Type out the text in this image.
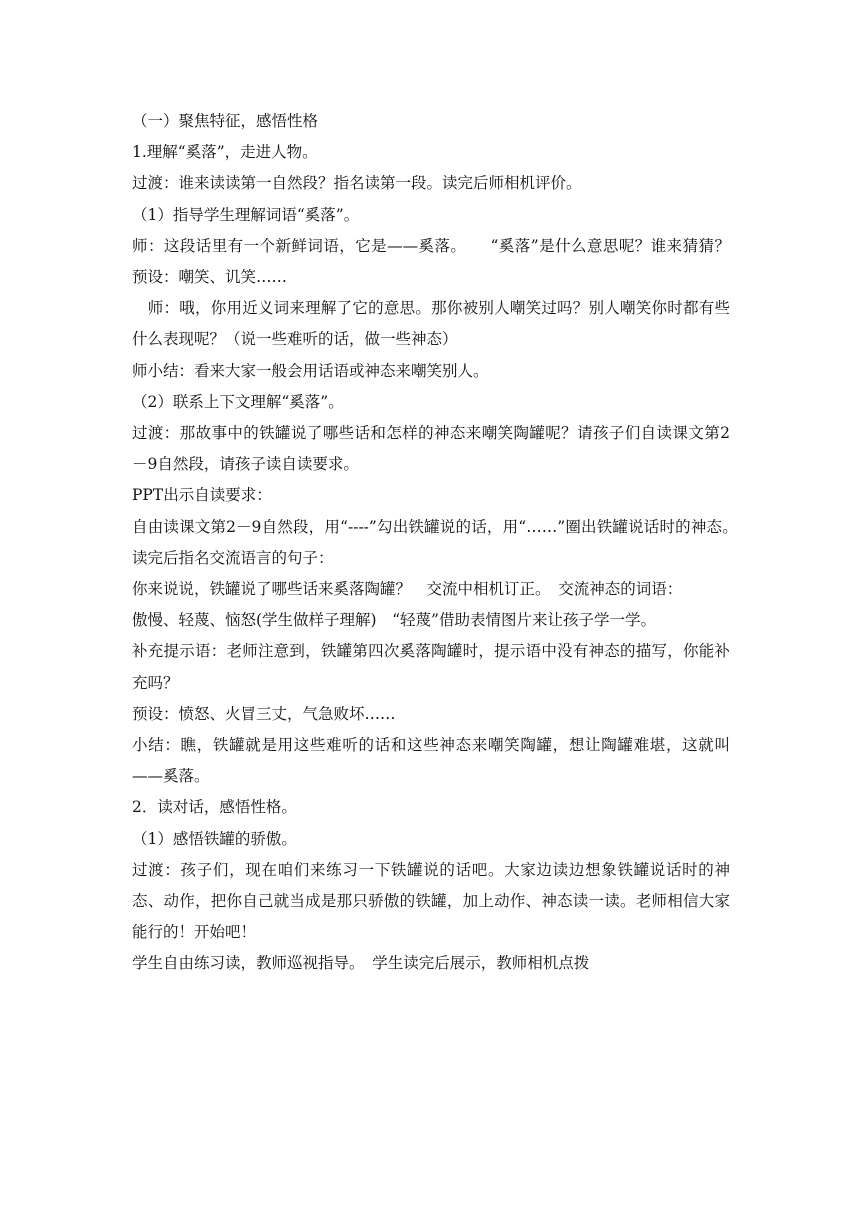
（一）聚焦特征，感悟性格

1.理解“奚落”，走进人物。

过渡：谁来读读第一自然段？指名读第一段。读完后师相机评价。

（1）指导学生理解词语“奚落”。

师：这段话里有一个新鲜词语，它是——奚落。　　“奚落”是什么意思呢？谁来猜猜？　预设：嘲笑、讥笑……

　师：哦，你用近义词来理解了它的意思。那你被别人嘲笑过吗？别人嘲笑你时都有些什么表现呢？（说一些难听的话，做一些神态）

师小结：看来大家一般会用话语或神态来嘲笑别人。

（2）联系上下文理解“奚落”。

过渡：那故事中的铁罐说了哪些话和怎样的神态来嘲笑陶罐呢？请孩子们自读课文第2－9自然段，请孩子读自读要求。

PPT出示自读要求：

自由读课文第2－9自然段，用“----”勾出铁罐说的话，用“……”圈出铁罐说话时的神态。　读完后指名交流语言的句子：

你来说说，铁罐说了哪些话来奚落陶罐？　交流中相机订正。　交流神态的词语：

傲慢、轻蔑、恼怒(学生做样子理解)　“轻蔑”借助表情图片来让孩子学一学。

补充提示语：老师注意到，铁罐第四次奚落陶罐时，提示语中没有神态的描写，你能补充吗？

预设：愤怒、火冒三丈，气急败坏……

小结：瞧，铁罐就是用这些难听的话和这些神态来嘲笑陶罐，想让陶罐难堪，这就叫——奚落。

2．读对话，感悟性格。

（1）感悟铁罐的骄傲。

过渡：孩子们，现在咱们来练习一下铁罐说的话吧。大家边读边想象铁罐说话时的神态、动作，把你自己就当成是那只骄傲的铁罐，加上动作、神态读一读。老师相信大家能行的！开始吧！

学生自由练习读，教师巡视指导。　学生读完后展示，教师相机点拨
